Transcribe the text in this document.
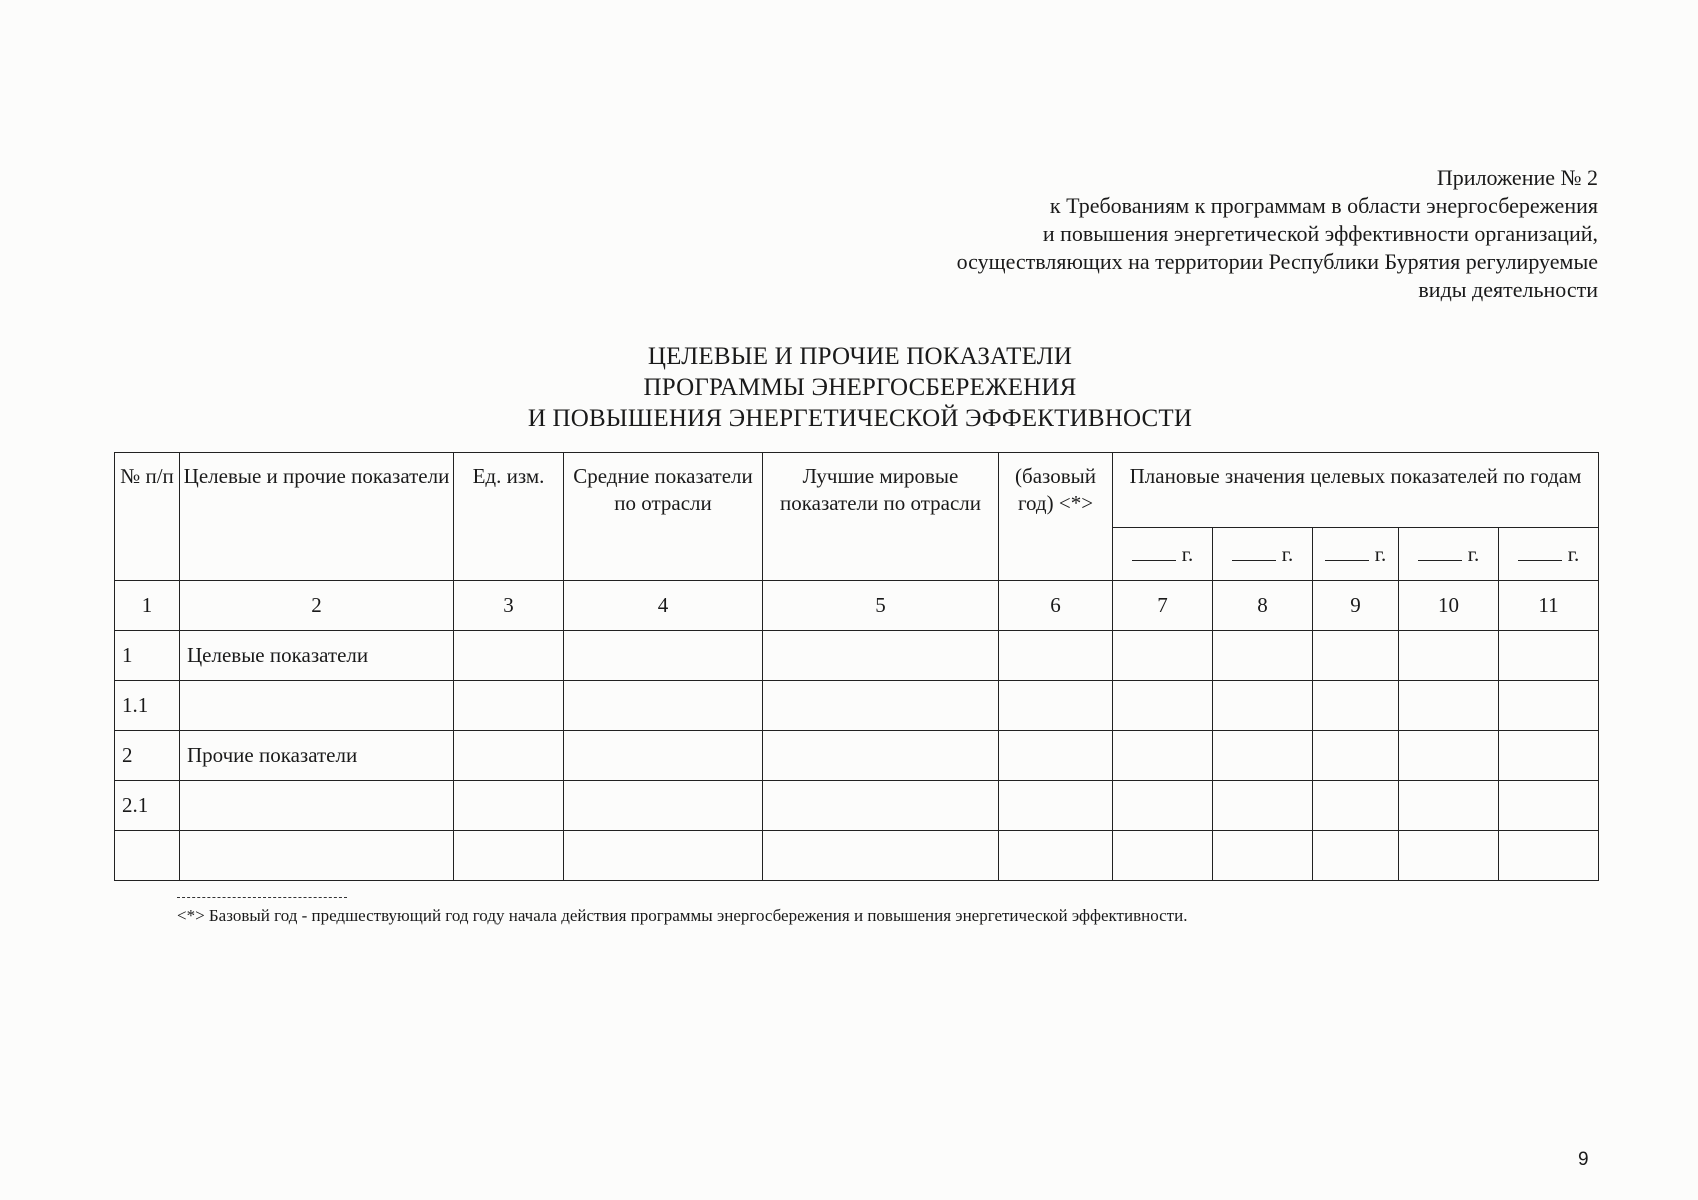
Приложение № 2
к Требованиям к программам в области энергосбережения
и повышения энергетической эффективности организаций,
осуществляющих на территории Республики Бурятия регулируемые
виды деятельности
ЦЕЛЕВЫЕ И ПРОЧИЕ ПОКАЗАТЕЛИ
ПРОГРАММЫ ЭНЕРГОСБЕРЕЖЕНИЯ
И ПОВЫШЕНИЯ ЭНЕРГЕТИЧЕСКОЙ ЭФФЕКТИВНОСТИ
№ п/п	Целевые и прочие показатели	Ед. изм.	Средние показатели по отрасли	Лучшие мировые показатели по отрасли	(базовый год) <*>	Плановые значения целевых показателей по годам				
						г.	г.	г.	г.	г.
1	2	3	4	5	6	7	8	9	10	11
1	Целевые показатели									
1.1										
2	Прочие показатели									
2.1										

<*> Базовый год - предшествующий год году начала действия программы энергосбережения и повышения энергетической эффективности.
9
